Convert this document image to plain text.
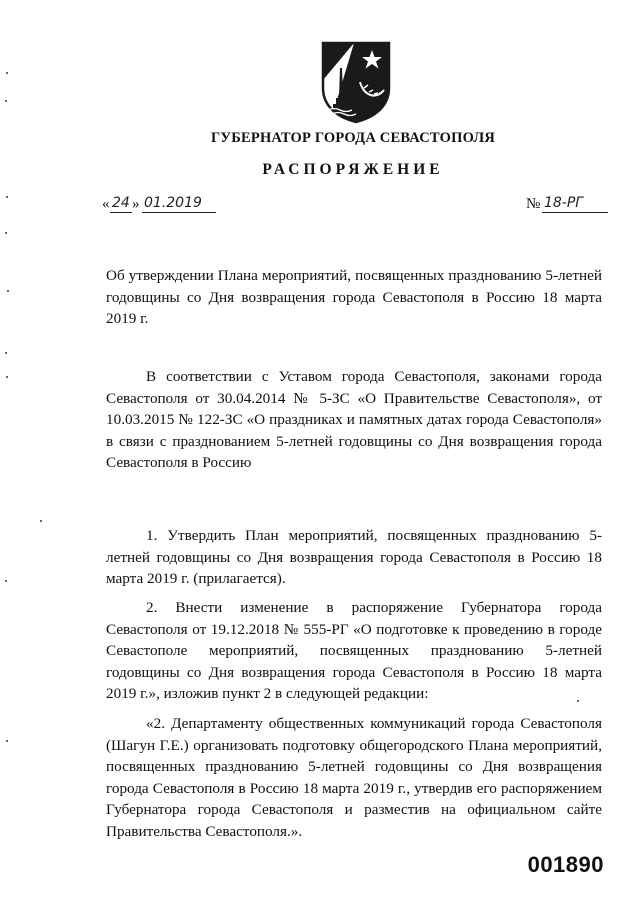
ГУБЕРНАТОР ГОРОДА СЕВАСТОПОЛЯ
РАСПОРЯЖЕНИЕ
« 24 » 01.2019	№ 18-РГ

Об утверждении Плана мероприятий, посвященных празднованию 5-летней годовщины со Дня возвращения города Севастополя в Россию 18 марта 2019 г.

В соответствии с Уставом города Севастополя, законами города Севастополя от 30.04.2014 № 5-ЗС «О Правительстве Севастополя», от 10.03.2015 № 122-ЗС «О праздниках и памятных датах города Севастополя» в связи с празднованием 5-летней годовщины со Дня возвращения города Севастополя в Россию

1. Утвердить План мероприятий, посвященных празднованию 5-летней годовщины со Дня возвращения города Севастополя в Россию 18 марта 2019 г. (прилагается).

2. Внести изменение в распоряжение Губернатора города Севастополя от 19.12.2018 № 555-РГ «О подготовке к проведению в городе Севастополе мероприятий, посвященных празднованию 5-летней годовщины со Дня возвращения города Севастополя в Россию 18 марта 2019 г.», изложив пункт 2 в следующей редакции:

«2. Департаменту общественных коммуникаций города Севастополя (Шагун Г.Е.) организовать подготовку общегородского Плана мероприятий, посвященных празднованию 5-летней годовщины со Дня возвращения города Севастополя в Россию 18 марта 2019 г., утвердив его распоряжением Губернатора города Севастополя и разместив на официальном сайте Правительства Севастополя.».

001890
